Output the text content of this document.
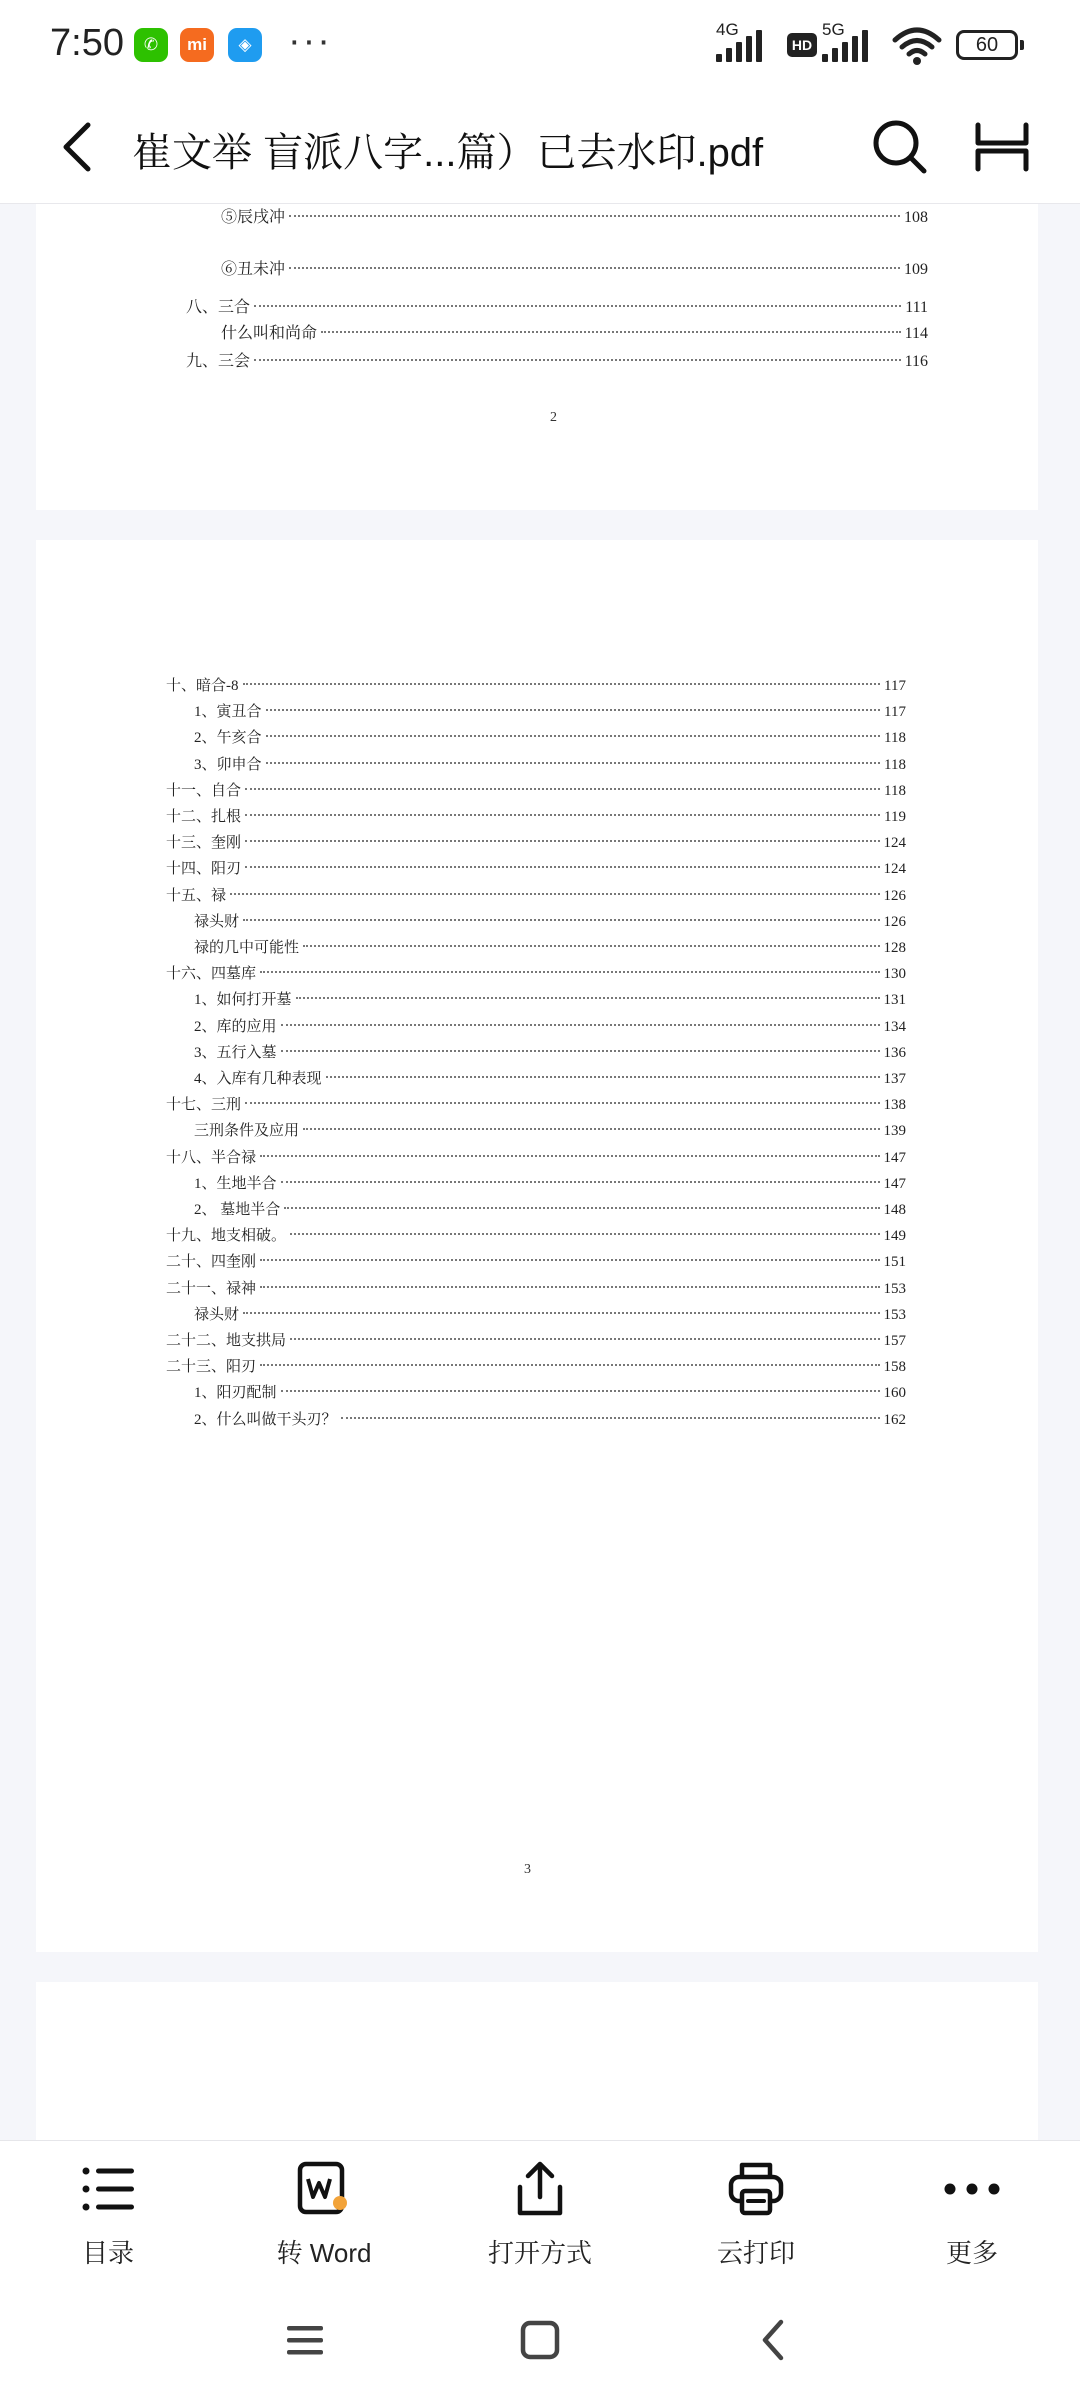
7:50	✆	mi	◈ ···	4G
HD
5G
60
崔文举 盲派八字...篇）已去水印.pdf
⑤辰戌冲	108
⑥丑未冲	109
八、三合	111
什么叫和尚命	114
九、三会	116
2
十、暗合-8	117
1、寅丑合	117
2、午亥合	118
3、卯申合	118
十一、自合	118
十二、扎根	119
十三、奎刚	124
十四、阳刃	124
十五、禄	126
禄头财	126
禄的几中可能性	128
十六、四墓库	130
1、如何打开墓	131
2、库的应用	134
3、五行入墓	136
4、入库有几种表现	137
十七、三刑	138
三刑条件及应用	139
十八、半合禄	147
1、生地半合	147
2、 墓地半合	148
十九、地支相破。	149
二十、四奎刚	151
二十一、禄神	153
禄头财	153
二十二、地支拱局	157
二十三、阳刃	158
1、阳刃配制	160
2、什么叫做干头刃？	162
3
目录	转 Word	打开方式	云打印	更多
